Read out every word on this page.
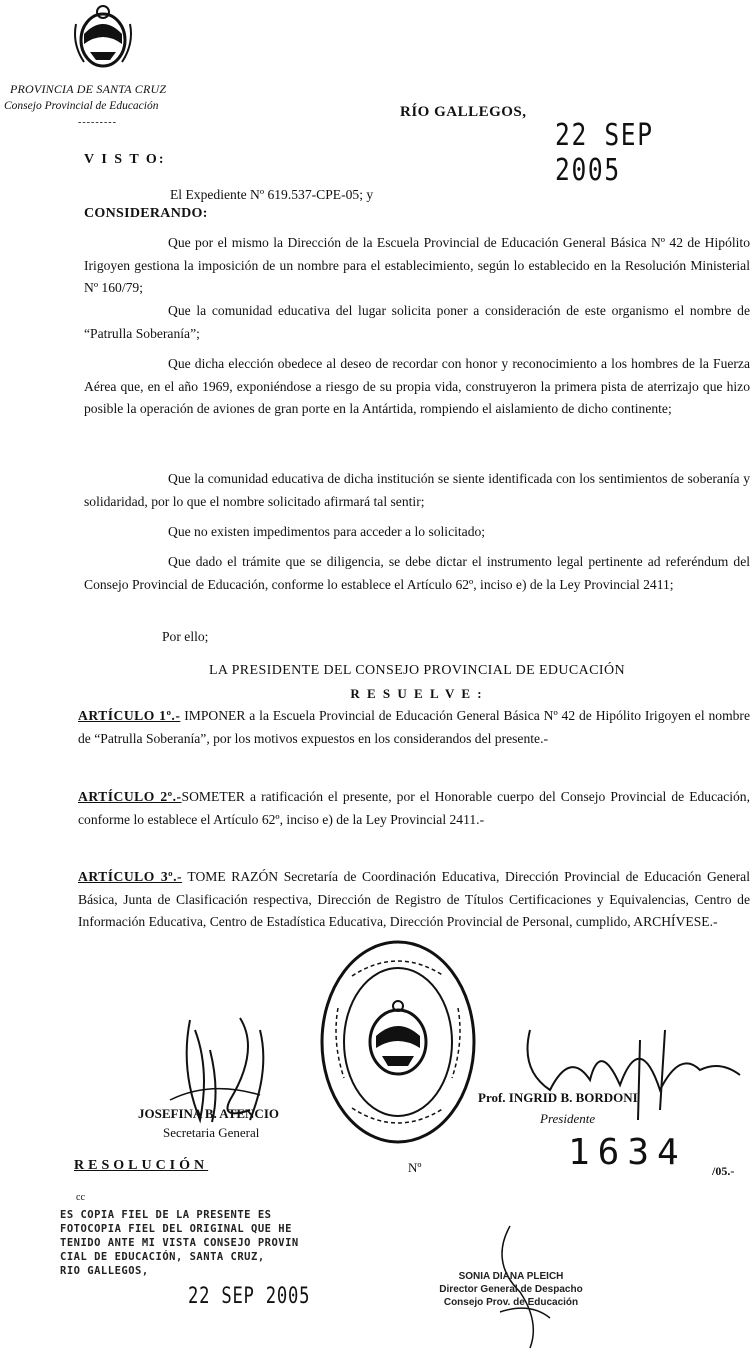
PROVINCIA DE SANTA CRUZ
Consejo Provincial de Educación
---------
RÍO GALLEGOS,
22 SEP 2005
V I S T O:
El Expediente Nº 619.537-CPE-05; y
CONSIDERANDO:
Que por el mismo la Dirección de la Escuela Provincial de Educación General Básica Nº 42 de Hipólito Irigoyen gestiona la imposición de un nombre para el establecimiento, según lo establecido en la Resolución Ministerial Nº 160/79;
Que la comunidad educativa del lugar solicita poner a consideración de este organismo el nombre de “Patrulla Soberanía”;
Que dicha elección obedece al deseo de recordar con honor y reconocimiento a los hombres de la Fuerza Aérea que, en el año 1969, exponiéndose a riesgo de su propia vida, construyeron la primera pista de aterrizajo que hizo posible la operación de aviones de gran porte en la Antártida, rompiendo el aislamiento de dicho continente;
Que la comunidad educativa de dicha institución se siente identificada con los sentimientos de soberanía y solidaridad, por lo que el nombre solicitado afirmará tal sentir;
Que no existen impedimentos para acceder a lo solicitado;
Que dado el trámite que se diligencia, se debe dictar el instrumento legal pertinente ad referéndum del Consejo Provincial de Educación, conforme lo establece el Artículo 62º, inciso e) de la Ley Provincial 2411;
Por ello;
LA PRESIDENTE DEL CONSEJO PROVINCIAL DE EDUCACIÓN
R E S U E L V E :
ARTÍCULO 1º.- IMPONER a la Escuela Provincial de Educación General Básica Nº 42 de Hipólito Irigoyen el nombre de “Patrulla Soberanía”, por los motivos expuestos en los considerandos del presente.-
ARTÍCULO 2º.-SOMETER a ratificación el presente, por el Honorable cuerpo del Consejo Provincial de Educación, conforme lo establece el Artículo 62º, inciso e) de la Ley Provincial 2411.-
ARTÍCULO 3º.- TOME RAZÓN Secretaría de Coordinación Educativa, Dirección Provincial de Educación General Básica, Junta de Clasificación respectiva, Dirección de Registro de Títulos Certificaciones y Equivalencias, Centro de Información Educativa, Centro de Estadística Educativa, Dirección Provincial de Personal, cumplido, ARCHÍVESE.-
JOSEFINA B. ATENCIO
Secretaria General
Prof. INGRID B. BORDONI
Presidente
RESOLUCIÓN	Nº	1634 /05.-
cc
ES COPIA FIEL DE LA PRESENTE ES
FOTOCOPIA FIEL DEL ORIGINAL QUE HE
TENIDO ANTE MI VISTA CONSEJO PROVIN
CIAL DE EDUCACIÓN, SANTA CRUZ,
RIO GALLEGOS,
22 SEP 2005
SONIA DIANA PLEICH
Director General de Despacho
Consejo Prov. de Educación
